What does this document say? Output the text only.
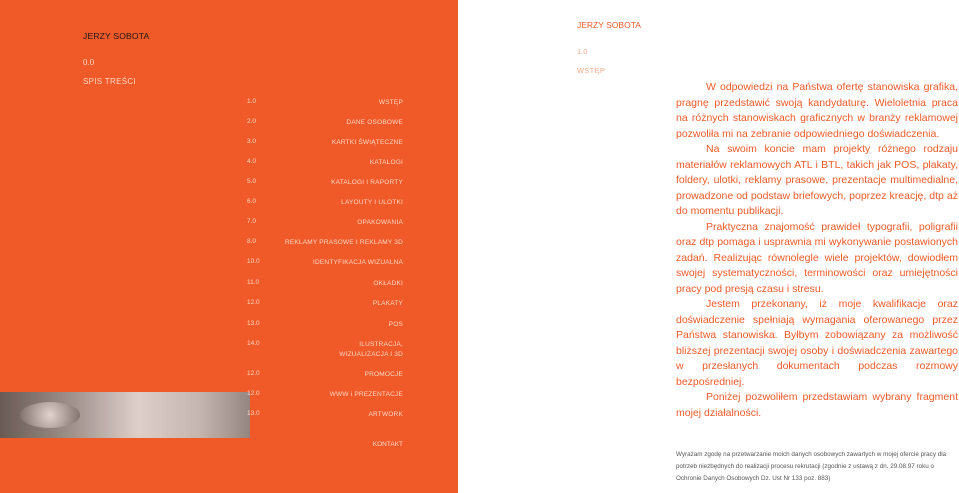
JERZY SOBOTA
0.0
SPIS TREŚCI
1.0	WSTĘP
2.0	DANE OSOBOWE
3.0	KARTKI ŚWIĄTECZNE
4.0	KATALOGI
5.0	KATALOGI I RAPORTY
6.0	LAYOUTY I ULOTKI
7.0	OPAKOWANIA
8.0	REKLAMY PRASOWE I REKLAMY 3D
10.0	IDENTYFIKACJA WIZUALNA
11.0	OKŁADKI
12.0	PLAKATY
13.0	POS
14.0	ILUSTRACJA,
WIZUALIZACJA I 3D
12.0	PROMOCJE
12.0	WWW i PREZENTACJE
13.0	ARTWORK
KONTAKT
JERZY SOBOTA
1.0
WSTĘP

W odpowiedzi na Państwa ofertę stanowiska grafika, pragnę przedstawić swoją kandydaturę. Wieloletnia praca na różnych stanowiskach graficznych w branży reklamowej pozwoliła mi na zebranie odpowiedniego doświadczenia.

Na swoim koncie mam projekty różnego rodzaju materiałów reklamowych ATL i BTL, takich jak POS, plakaty, foldery, ulotki, reklamy prasowe, prezentacje multimedialne, prowadzone od podstaw briefowych, poprzez kreację, dtp aż do momentu publikacji.

Praktyczna znajomość prawideł typografii, poligrafii oraz dtp pomaga i usprawnia mi wykonywanie postawionych zadań. Realizując równolegle wiele projektów, dowiodłem swojej systematyczności, terminowości oraz umiejętności pracy pod presją czasu i stresu.

Jestem przekonany, iż moje kwalifikacje oraz doświadczenie spełniają wymagania oferowanego przez Państwa stanowiska. Byłbym zobowiązany za możliwość bliższej prezentacji swojej osoby i doświadczenia zawartego w przesłanych dokumentach podczas rozmowy bezpośredniej.

Poniżej pozwoliłem przedstawiam wybrany fragment mojej działalności.

Wyrażam zgodę na przetwarzanie moich danych osobowych zawartych w mojej ofercie pracy dla potrzeb niezbędnych do realizacji procesu rekrutacji (zgodnie z ustawą z dn. 29.08.97 roku o Ochronie Danych Osobowych Dz. Ust Nr 133 poz. 883)
